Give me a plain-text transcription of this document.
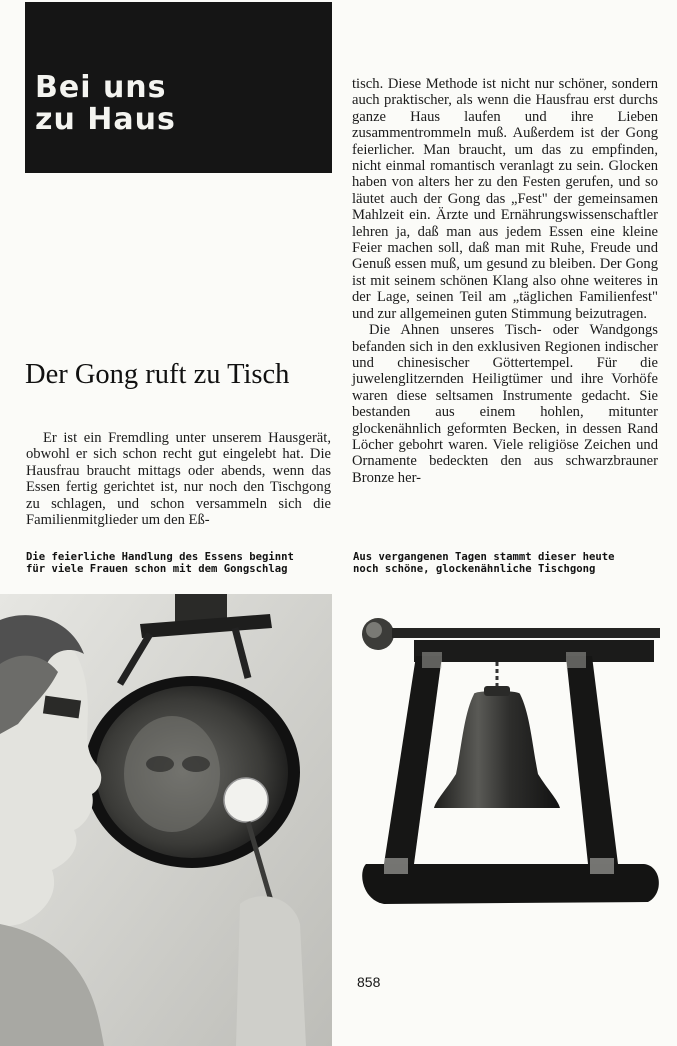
Bei uns
zu Haus
Der Gong ruft zu Tisch

Er ist ein Fremdling unter unserem Hausgerät, obwohl er sich schon recht gut eingelebt hat. Die Hausfrau braucht mittags oder abends, wenn das Essen fertig gerichtet ist, nur noch den Tischgong zu schlagen, und schon versammeln sich die Familienmitglieder um den Eß-

tisch. Diese Methode ist nicht nur schöner, sondern auch praktischer, als wenn die Hausfrau erst durchs ganze Haus laufen und ihre Lieben zusammentrommeln muß. Außerdem ist der Gong feierlicher. Man braucht, um das zu empfinden, nicht einmal romantisch veranlagt zu sein. Glocken haben von alters her zu den Festen gerufen, und so läutet auch der Gong das „Fest" der gemeinsamen Mahlzeit ein. Ärzte und Ernährungswissenschaftler lehren ja, daß man aus jedem Essen eine kleine Feier machen soll, daß man mit Ruhe, Freude und Genuß essen muß, um gesund zu bleiben. Der Gong ist mit seinem schönen Klang also ohne weiteres in der Lage, seinen Teil am „täglichen Familienfest" und zur allgemeinen guten Stimmung beizutragen.

Die Ahnen unseres Tisch- oder Wandgongs befanden sich in den exklusiven Regionen indischer und chinesischer Göttertempel. Für die juwelenglitzernden Heiligtümer und ihre Vorhöfe waren diese seltsamen Instrumente gedacht. Sie bestanden aus einem hohlen, mitunter glockenähnlich geformten Becken, in dessen Rand Löcher gebohrt waren. Viele religiöse Zeichen und Ornamente bedeckten den aus schwarzbrauner Bronze her-

Die feierliche Handlung des Essens beginnt
für viele Frauen schon mit dem Gongschlag

Aus vergangenen Tagen stammt dieser heute
noch schöne, glockenähnliche Tischgong

858
